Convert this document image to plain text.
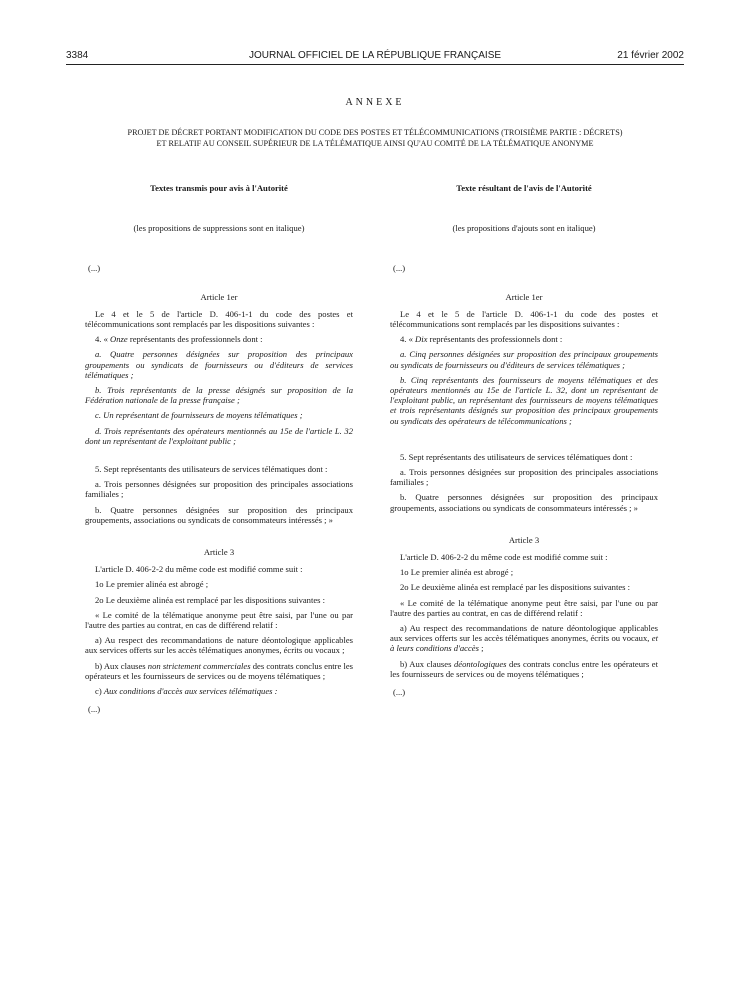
3384	JOURNAL OFFICIEL DE LA RÉPUBLIQUE FRANÇAISE	21 février 2002
ANNEXE
PROJET DE DÉCRET PORTANT MODIFICATION DU CODE DES POSTES ET TÉLÉCOMMUNICATIONS (TROISIÈME PARTIE : DÉCRETS)
ET RELATIF AU CONSEIL SUPÉRIEUR DE LA TÉLÉMATIQUE AINSI QU'AU COMITÉ DE LA TÉLÉMATIQUE ANONYME

Textes transmis pour avis à l'Autorité

(les propositions de suppressions sont en italique)

(...)

Article 1er

Le 4 et le 5 de l'article D. 406-1-1 du code des postes et télécommunications sont remplacés par les dispositions suivantes :

4. « Onze représentants des professionnels dont :

a. Quatre personnes désignées sur proposition des principaux groupements ou syndicats de fournisseurs ou d'éditeurs de services télématiques ;

b. Trois représentants de la presse désignés sur proposition de la Fédération nationale de la presse française ;

c. Un représentant de fournisseurs de moyens télématiques ;

d. Trois représentants des opérateurs mentionnés au 15e de l'article L. 32 dont un représentant de l'exploitant public ;

5. Sept représentants des utilisateurs de services télématiques dont :

a. Trois personnes désignées sur proposition des principales associations familiales ;

b. Quatre personnes désignées sur proposition des principaux groupements, associations ou syndicats de consommateurs intéressés ; »

Article 3

L'article D. 406-2-2 du même code est modifié comme suit :

1o Le premier alinéa est abrogé ;

2o Le deuxième alinéa est remplacé par les dispositions suivantes :

« Le comité de la télématique anonyme peut être saisi, par l'une ou par l'autre des parties au contrat, en cas de différend relatif :

a) Au respect des recommandations de nature déontologique applicables aux services offerts sur les accès télématiques anonymes, écrits ou vocaux ;

b) Aux clauses non strictement commerciales des contrats conclus entre les opérateurs et les fournisseurs de services ou de moyens télématiques ;

c) Aux conditions d'accès aux services télématiques :

(...)

Texte résultant de l'avis de l'Autorité

(les propositions d'ajouts sont en italique)

(...)

Article 1er

Le 4 et le 5 de l'article D. 406-1-1 du code des postes et télécommunications sont remplacés par les dispositions suivantes :

4. « Dix représentants des professionnels dont :

a. Cinq personnes désignées sur proposition des principaux groupements ou syndicats de fournisseurs ou d'éditeurs de services télématiques ;

b. Cinq représentants des fournisseurs de moyens télématiques et des opérateurs mentionnés au 15e de l'article L. 32, dont un représentant de l'exploitant public, un représentant des fournisseurs de moyens télématiques et trois représentants désignés sur proposition des principaux groupements ou syndicats des opérateurs de télécommunications ;

5. Sept représentants des utilisateurs de services télématiques dont :

a. Trois personnes désignées sur proposition des principales associations familiales ;

b. Quatre personnes désignées sur proposition des principaux groupements, associations ou syndicats de consommateurs intéressés ; »

Article 3

L'article D. 406-2-2 du même code est modifié comme suit :

1o Le premier alinéa est abrogé ;

2o Le deuxième alinéa est remplacé par les dispositions suivantes :

« Le comité de la télématique anonyme peut être saisi, par l'une ou par l'autre des parties au contrat, en cas de différend relatif :

a) Au respect des recommandations de nature déontologique applicables aux services offerts sur les accès télématiques anonymes, écrits ou vocaux, et à leurs conditions d'accès ;

b) Aux clauses déontologiques des contrats conclus entre les opérateurs et les fournisseurs de services ou de moyens télématiques ;

(...)
